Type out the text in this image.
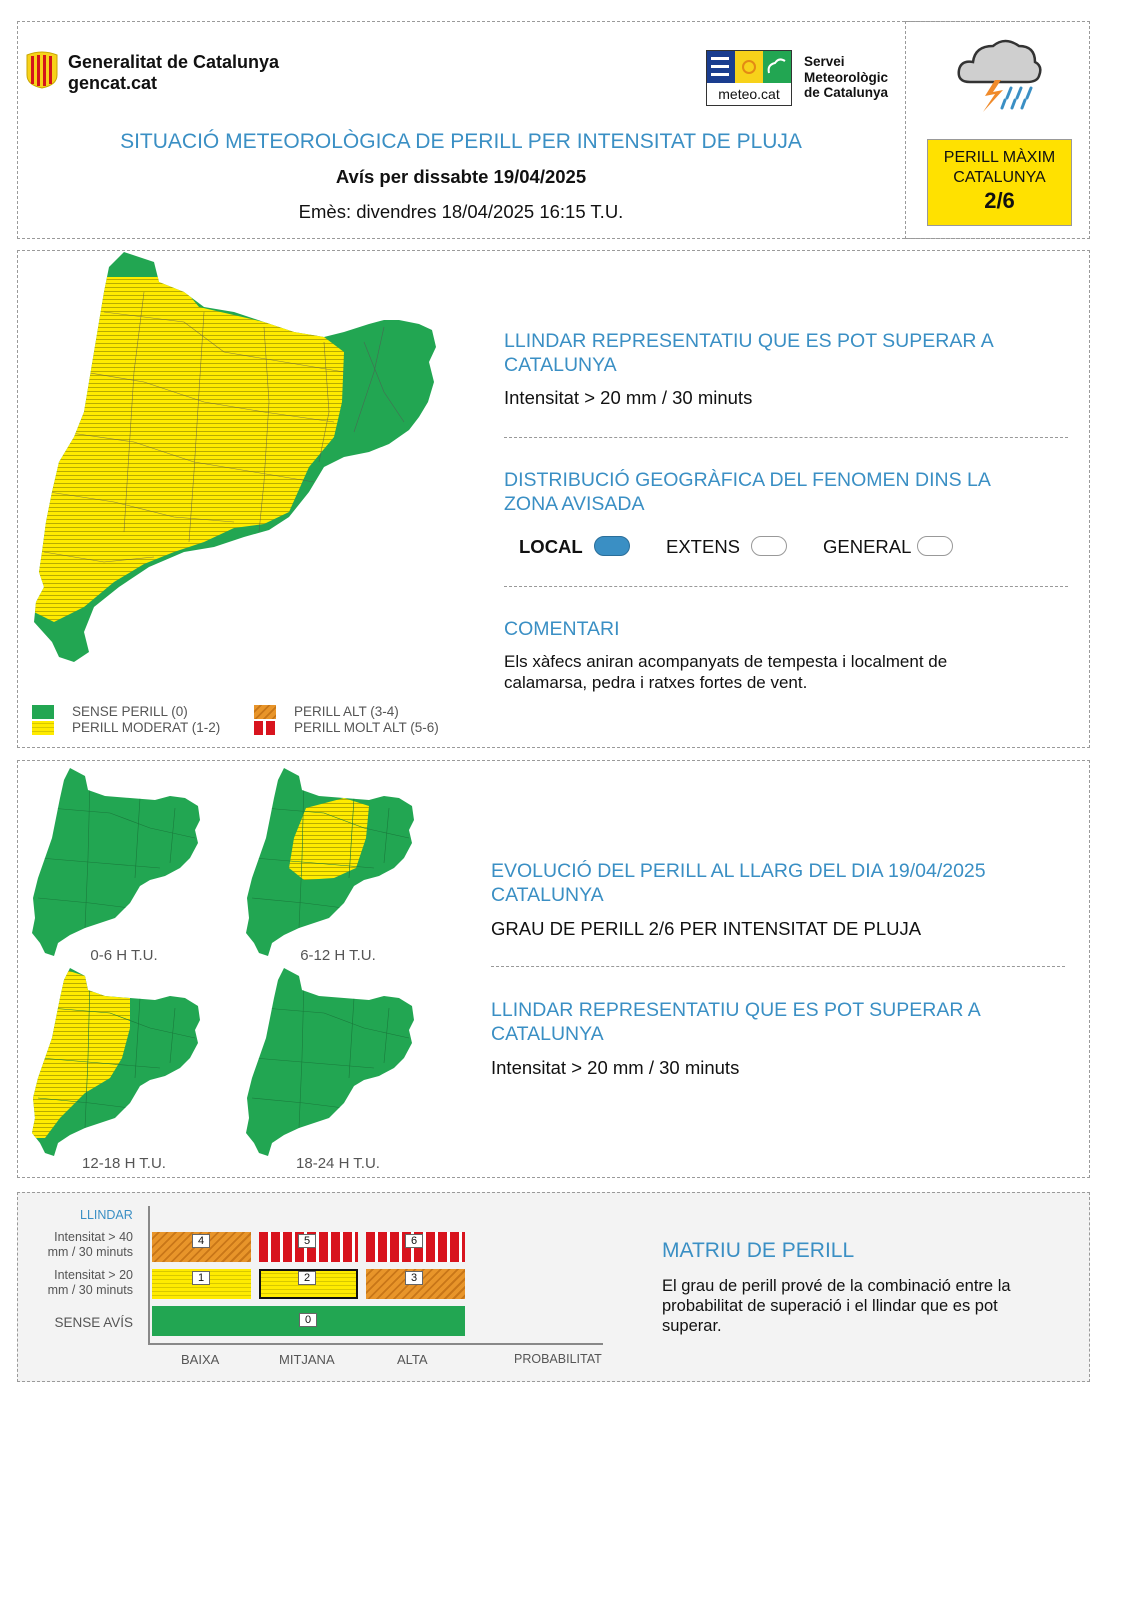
Generalitat de Catalunya
gencat.cat
meteo.cat
Servei
Meteorològic
de Catalunya
SITUACIÓ METEOROLÒGICA DE PERILL PER INTENSITAT DE PLUJA
Avís per dissabte 19/04/2025
Emès: divendres 18/04/2025 16:15 T.U.
PERILL MÀXIM
CATALUNYA
2/6
SENSE PERILL (0)
PERILL MODERAT (1-2)
PERILL ALT (3-4)
PERILL MOLT ALT (5-6)
LLINDAR REPRESENTATIU QUE ES POT SUPERAR A CATALUNYA
Intensitat > 20 mm / 30 minuts
DISTRIBUCIÓ GEOGRÀFICA DEL FENOMEN DINS LA ZONA AVISADA
LOCAL	EXTENS	GENERAL
COMENTARI
Els xàfecs aniran acompanyats de tempesta i localment de calamarsa, pedra i ratxes fortes de vent.
0-6 H T.U.	6-12 H T.U.
12-18 H T.U.	18-24 H T.U.
EVOLUCIÓ DEL PERILL AL LLARG DEL DIA 19/04/2025
CATALUNYA
GRAU DE PERILL 2/6 PER INTENSITAT DE PLUJA
LLINDAR REPRESENTATIU QUE ES POT SUPERAR A CATALUNYA
Intensitat > 20 mm / 30 minuts
LLINDAR
Intensitat > 40 mm / 30 minuts
Intensitat > 20 mm / 30 minuts
SENSE AVÍS
4	5	6
1	2	3
0
BAIXA	MITJANA	ALTA	PROBABILITAT
MATRIU DE PERILL
El grau de perill prové de la combinació entre la probabilitat de superació i el llindar que es pot superar.
